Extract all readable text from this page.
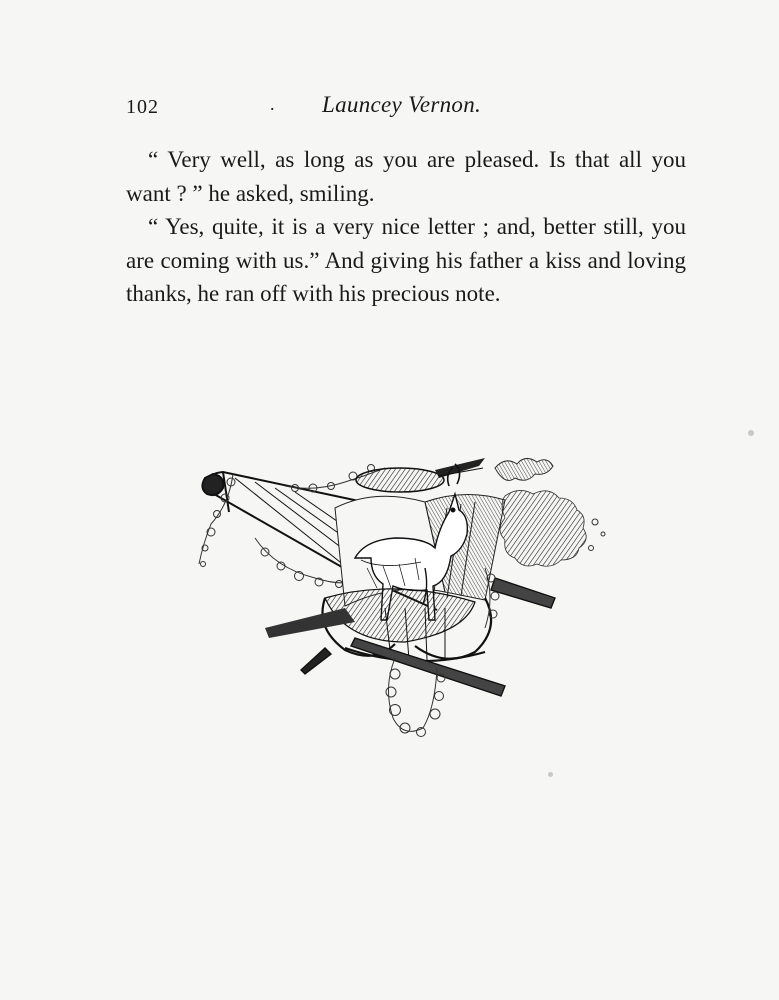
102	. Launcey Vernon.

“ Very well, as long as you are pleased. Is that all you want ? ” he asked, smiling.

“ Yes, quite, it is a very nice letter ; and, better still, you are coming with us.” And giving his father a kiss and loving thanks, he ran off with his precious note.
